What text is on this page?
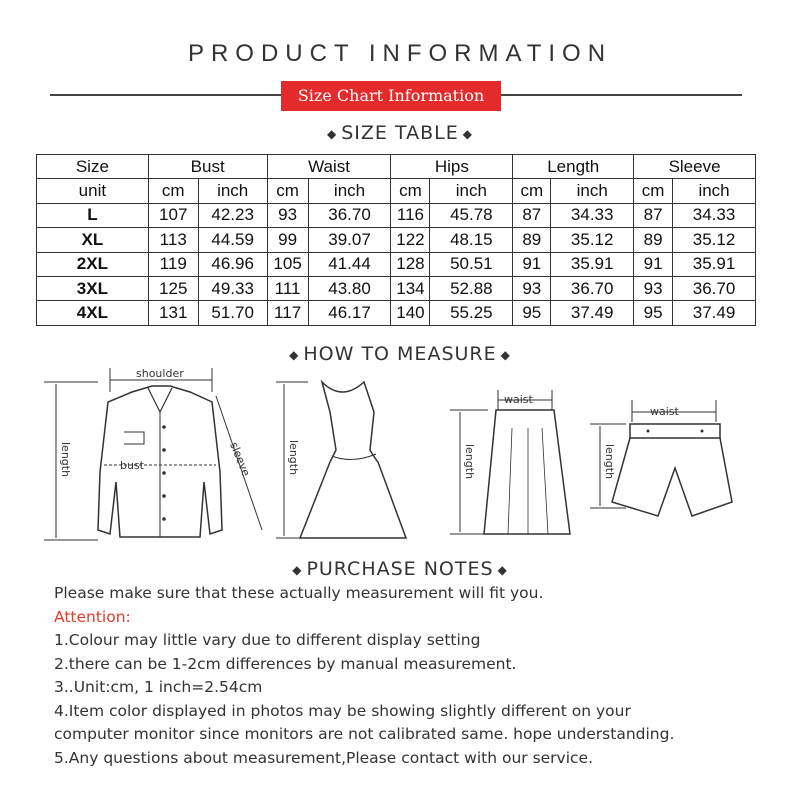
PRODUCT INFORMATION
Size Chart Information
◆ SIZE TABLE ◆
Size	Bust		Waist		Hips		Length		Sleeve	
unit	cm	inch	cm	inch	cm	inch	cm	inch	cm	inch
L	107	42.23	93	36.70	116	45.78	87	34.33	87	34.33
XL	113	44.59	99	39.07	122	48.15	89	35.12	89	35.12
2XL	119	46.96	105	41.44	128	50.51	91	35.91	91	35.91
3XL	125	49.33	111	43.80	134	52.88	93	36.70	93	36.70
4XL	131	51.70	117	46.17	140	55.25	95	37.49	95	37.49
◆ HOW TO MEASURE ◆
shoulder
length	bust	sleeve	length
waist
length
waist
length
◆ PURCHASE NOTES ◆
Please make sure that these actually measurement will fit you.
Attention:
1.Colour may little vary due to different display setting
2.there can be 1-2cm differences by manual measurement.
3..Unit:cm, 1 inch=2.54cm
4.Item color displayed in photos may be showing slightly different on your
computer monitor since monitors are not calibrated same. hope understanding.
5.Any questions about measurement,Please contact with our service.
